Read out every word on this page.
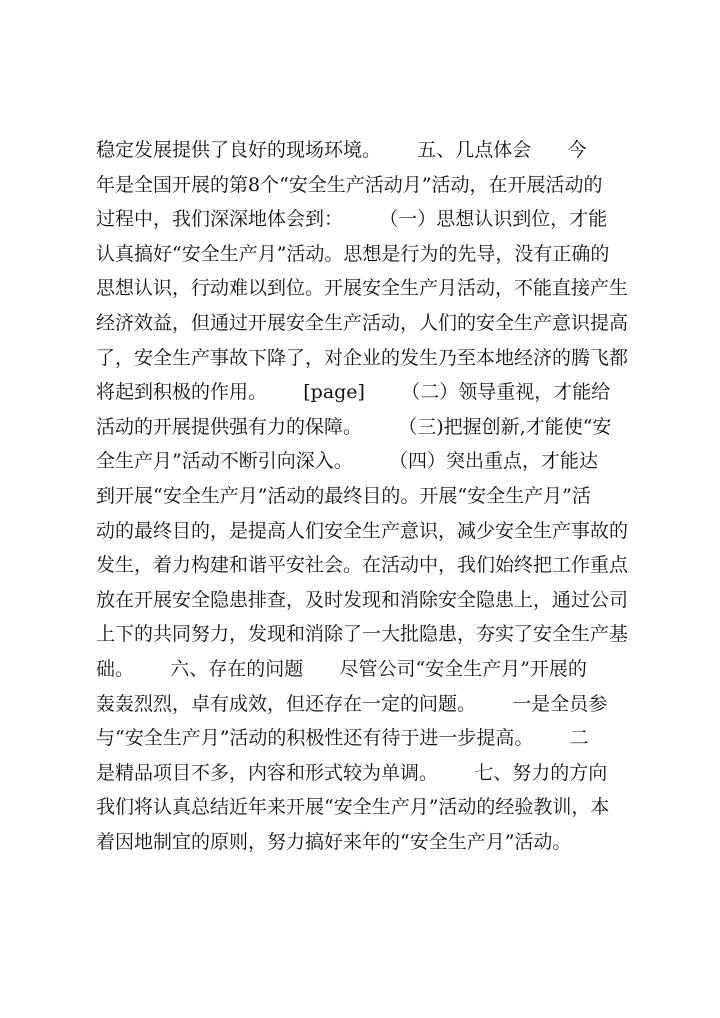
稳定发展提供了良好的现场环境。      五、几点体会      今
年是全国开展的第8个“安全生产活动月”活动，在开展活动的
过程中，我们深深地体会到：      （一）思想认识到位，才能
认真搞好“安全生产月”活动。思想是行为的先导，没有正确的
思想认识，行动难以到位。开展安全生产月活动，不能直接产生
经济效益，但通过开展安全生产活动，人们的安全生产意识提高
了，安全生产事故下降了，对企业的发生乃至本地经济的腾飞都
将起到积极的作用。      [page]      （二）领导重视，才能给
活动的开展提供强有力的保障。      （三)把握创新,才能使“安
全生产月”活动不断引向深入。      （四）突出重点，才能达
到开展“安全生产月”活动的最终目的。开展“安全生产月”活
动的最终目的，是提高人们安全生产意识，减少安全生产事故的
发生，着力构建和谐平安社会。在活动中，我们始终把工作重点
放在开展安全隐患排查，及时发现和消除安全隐患上，通过公司
上下的共同努力，发现和消除了一大批隐患，夯实了安全生产基
础。      六、存在的问题      尽管公司“安全生产月”开展的
轰轰烈烈，卓有成效，但还存在一定的问题。      一是全员参
与“安全生产月”活动的积极性还有待于进一步提高。      二
是精品项目不多，内容和形式较为单调。      七、努力的方向
我们将认真总结近年来开展“安全生产月”活动的经验教训，本
着因地制宜的原则，努力搞好来年的“安全生产月”活动。
